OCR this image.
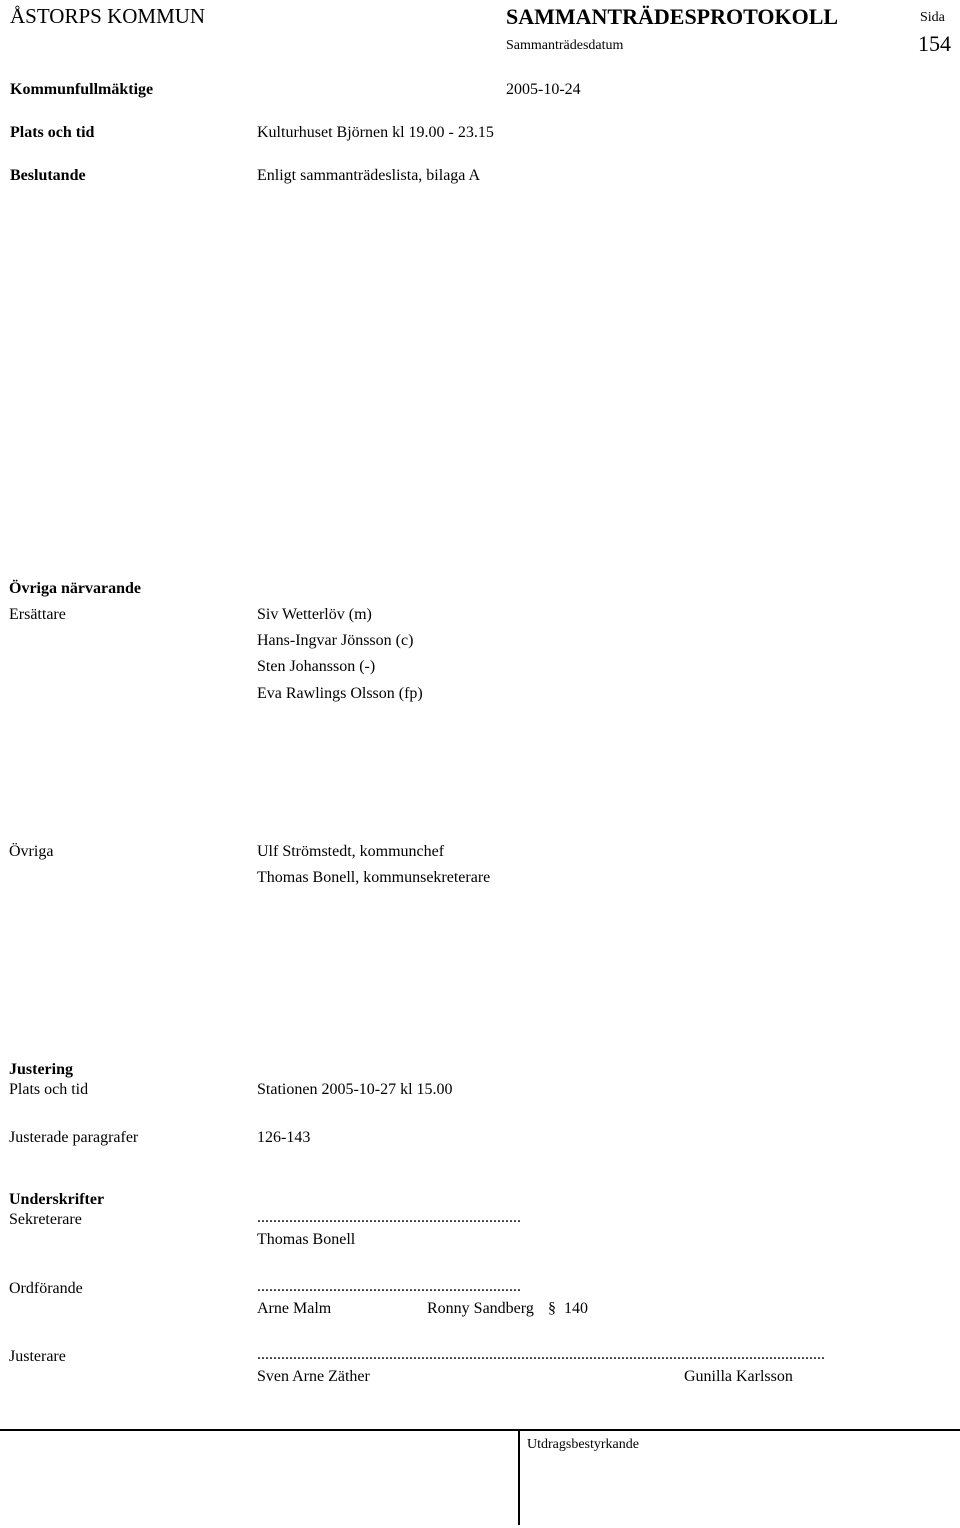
ÅSTORPS KOMMUN	SAMMANTRÄDESPROTOKOLL	Sida
Sammanträdesdatum	154
Kommunfullmäktige	2005-10-24
Plats och tid	Kulturhuset Björnen kl 19.00 - 23.15
Beslutande	Enligt sammanträdeslista, bilaga A
Övriga närvarande
Ersättare	Siv Wetterlöv (m)
Hans-Ingvar Jönsson (c)
Sten Johansson (-)
Eva Rawlings Olsson (fp)
Övriga	Ulf Strömstedt, kommunchef
Thomas Bonell, kommunsekreterare
Justering
Plats och tid	Stationen 2005-10-27 kl 15.00
Justerade paragrafer	126-143
Underskrifter
Sekreterare	..................................................................
Thomas Bonell
Ordförande	..................................................................
Arne Malm	Ronny Sandberg § 140
Justerare	..............................................................................................................................................
Sven Arne Zäther	Gunilla Karlsson
Utdragsbestyrkande
